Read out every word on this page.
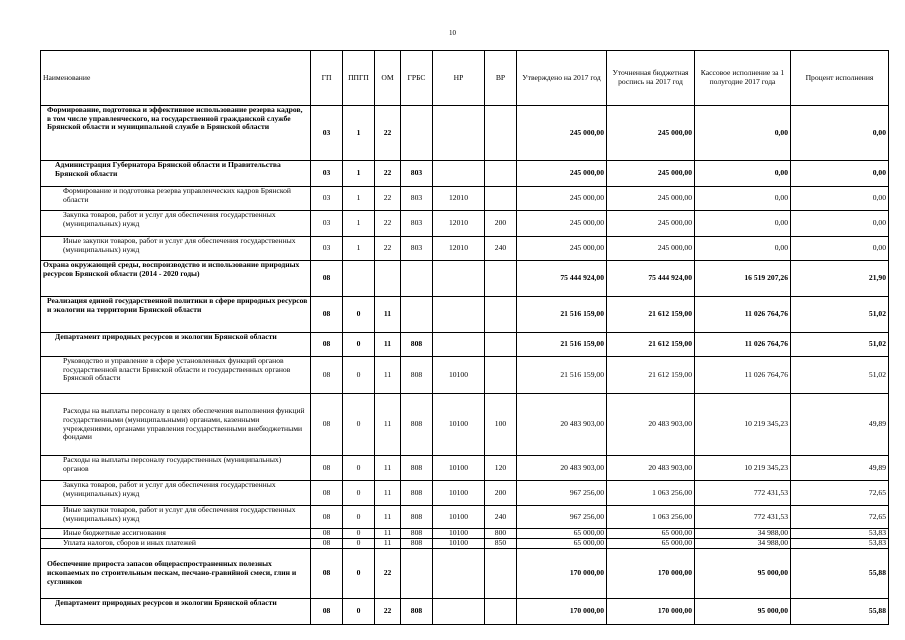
10
Наименование	ГП	ППГП	ОМ	ГРБС	НР	ВР	Утверждено на 2017 год	Уточненная бюджетная роспись на 2017 год	Кассовое исполнение за 1 полугодие 2017 года	Процент исполнения
Формирование, подготовка и эффективное использование резерва кадров, в том числе управленческого, на государственной гражданской службе Брянской области и муниципальной службе в Брянской области	03	1	22				245 000,00	245 000,00	0,00	0,00
Администрация Губернатора Брянской области и Правительства Брянской области	03	1	22	803			245 000,00	245 000,00	0,00	0,00
Формирование и подготовка резерва управленческих кадров Брянской области	03	1	22	803	12010		245 000,00	245 000,00	0,00	0,00
Закупка товаров, работ и услуг для обеспечения государственных (муниципальных) нужд	03	1	22	803	12010	200	245 000,00	245 000,00	0,00	0,00
Иные закупки товаров, работ и услуг для обеспечения государственных (муниципальных) нужд	03	1	22	803	12010	240	245 000,00	245 000,00	0,00	0,00
Охрана окружающей среды, воспроизводство и использование природных ресурсов Брянской области (2014 - 2020 годы)	08						75 444 924,00	75 444 924,00	16 519 207,26	21,90
Реализация единой государственной политики в сфере природных ресурсов и экологии на территории Брянской области	08	0	11				21 516 159,00	21 612 159,00	11 026 764,76	51,02
Департамент природных ресурсов и экологии Брянской области	08	0	11	808			21 516 159,00	21 612 159,00	11 026 764,76	51,02
Руководство и управление в сфере установленных функций органов государственной власти Брянской области и государственных органов Брянской области	08	0	11	808	10100		21 516 159,00	21 612 159,00	11 026 764,76	51,02
Расходы на выплаты персоналу в целях обеспечения выполнения функций государственными (муниципальными) органами, казенными учреждениями, органами управления государственными внебюджетными фондами	08	0	11	808	10100	100	20 483 903,00	20 483 903,00	10 219 345,23	49,89
Расходы на выплаты персоналу государственных (муниципальных) органов	08	0	11	808	10100	120	20 483 903,00	20 483 903,00	10 219 345,23	49,89
Закупка товаров, работ и услуг для обеспечения государственных (муниципальных) нужд	08	0	11	808	10100	200	967 256,00	1 063 256,00	772 431,53	72,65
Иные закупки товаров, работ и услуг для обеспечения государственных (муниципальных) нужд	08	0	11	808	10100	240	967 256,00	1 063 256,00	772 431,53	72,65
Иные бюджетные ассигнования	08	0	11	808	10100	800	65 000,00	65 000,00	34 988,00	53,83
Уплата налогов, сборов и иных платежей	08	0	11	808	10100	850	65 000,00	65 000,00	34 988,00	53,83
Обеспечение прироста запасов общераспространенных полезных ископаемых по строительным пескам, песчано-гравийной смеси, глин и суглинков	08	0	22				170 000,00	170 000,00	95 000,00	55,88
Департамент природных ресурсов и экологии Брянской области	08	0	22	808			170 000,00	170 000,00	95 000,00	55,88
